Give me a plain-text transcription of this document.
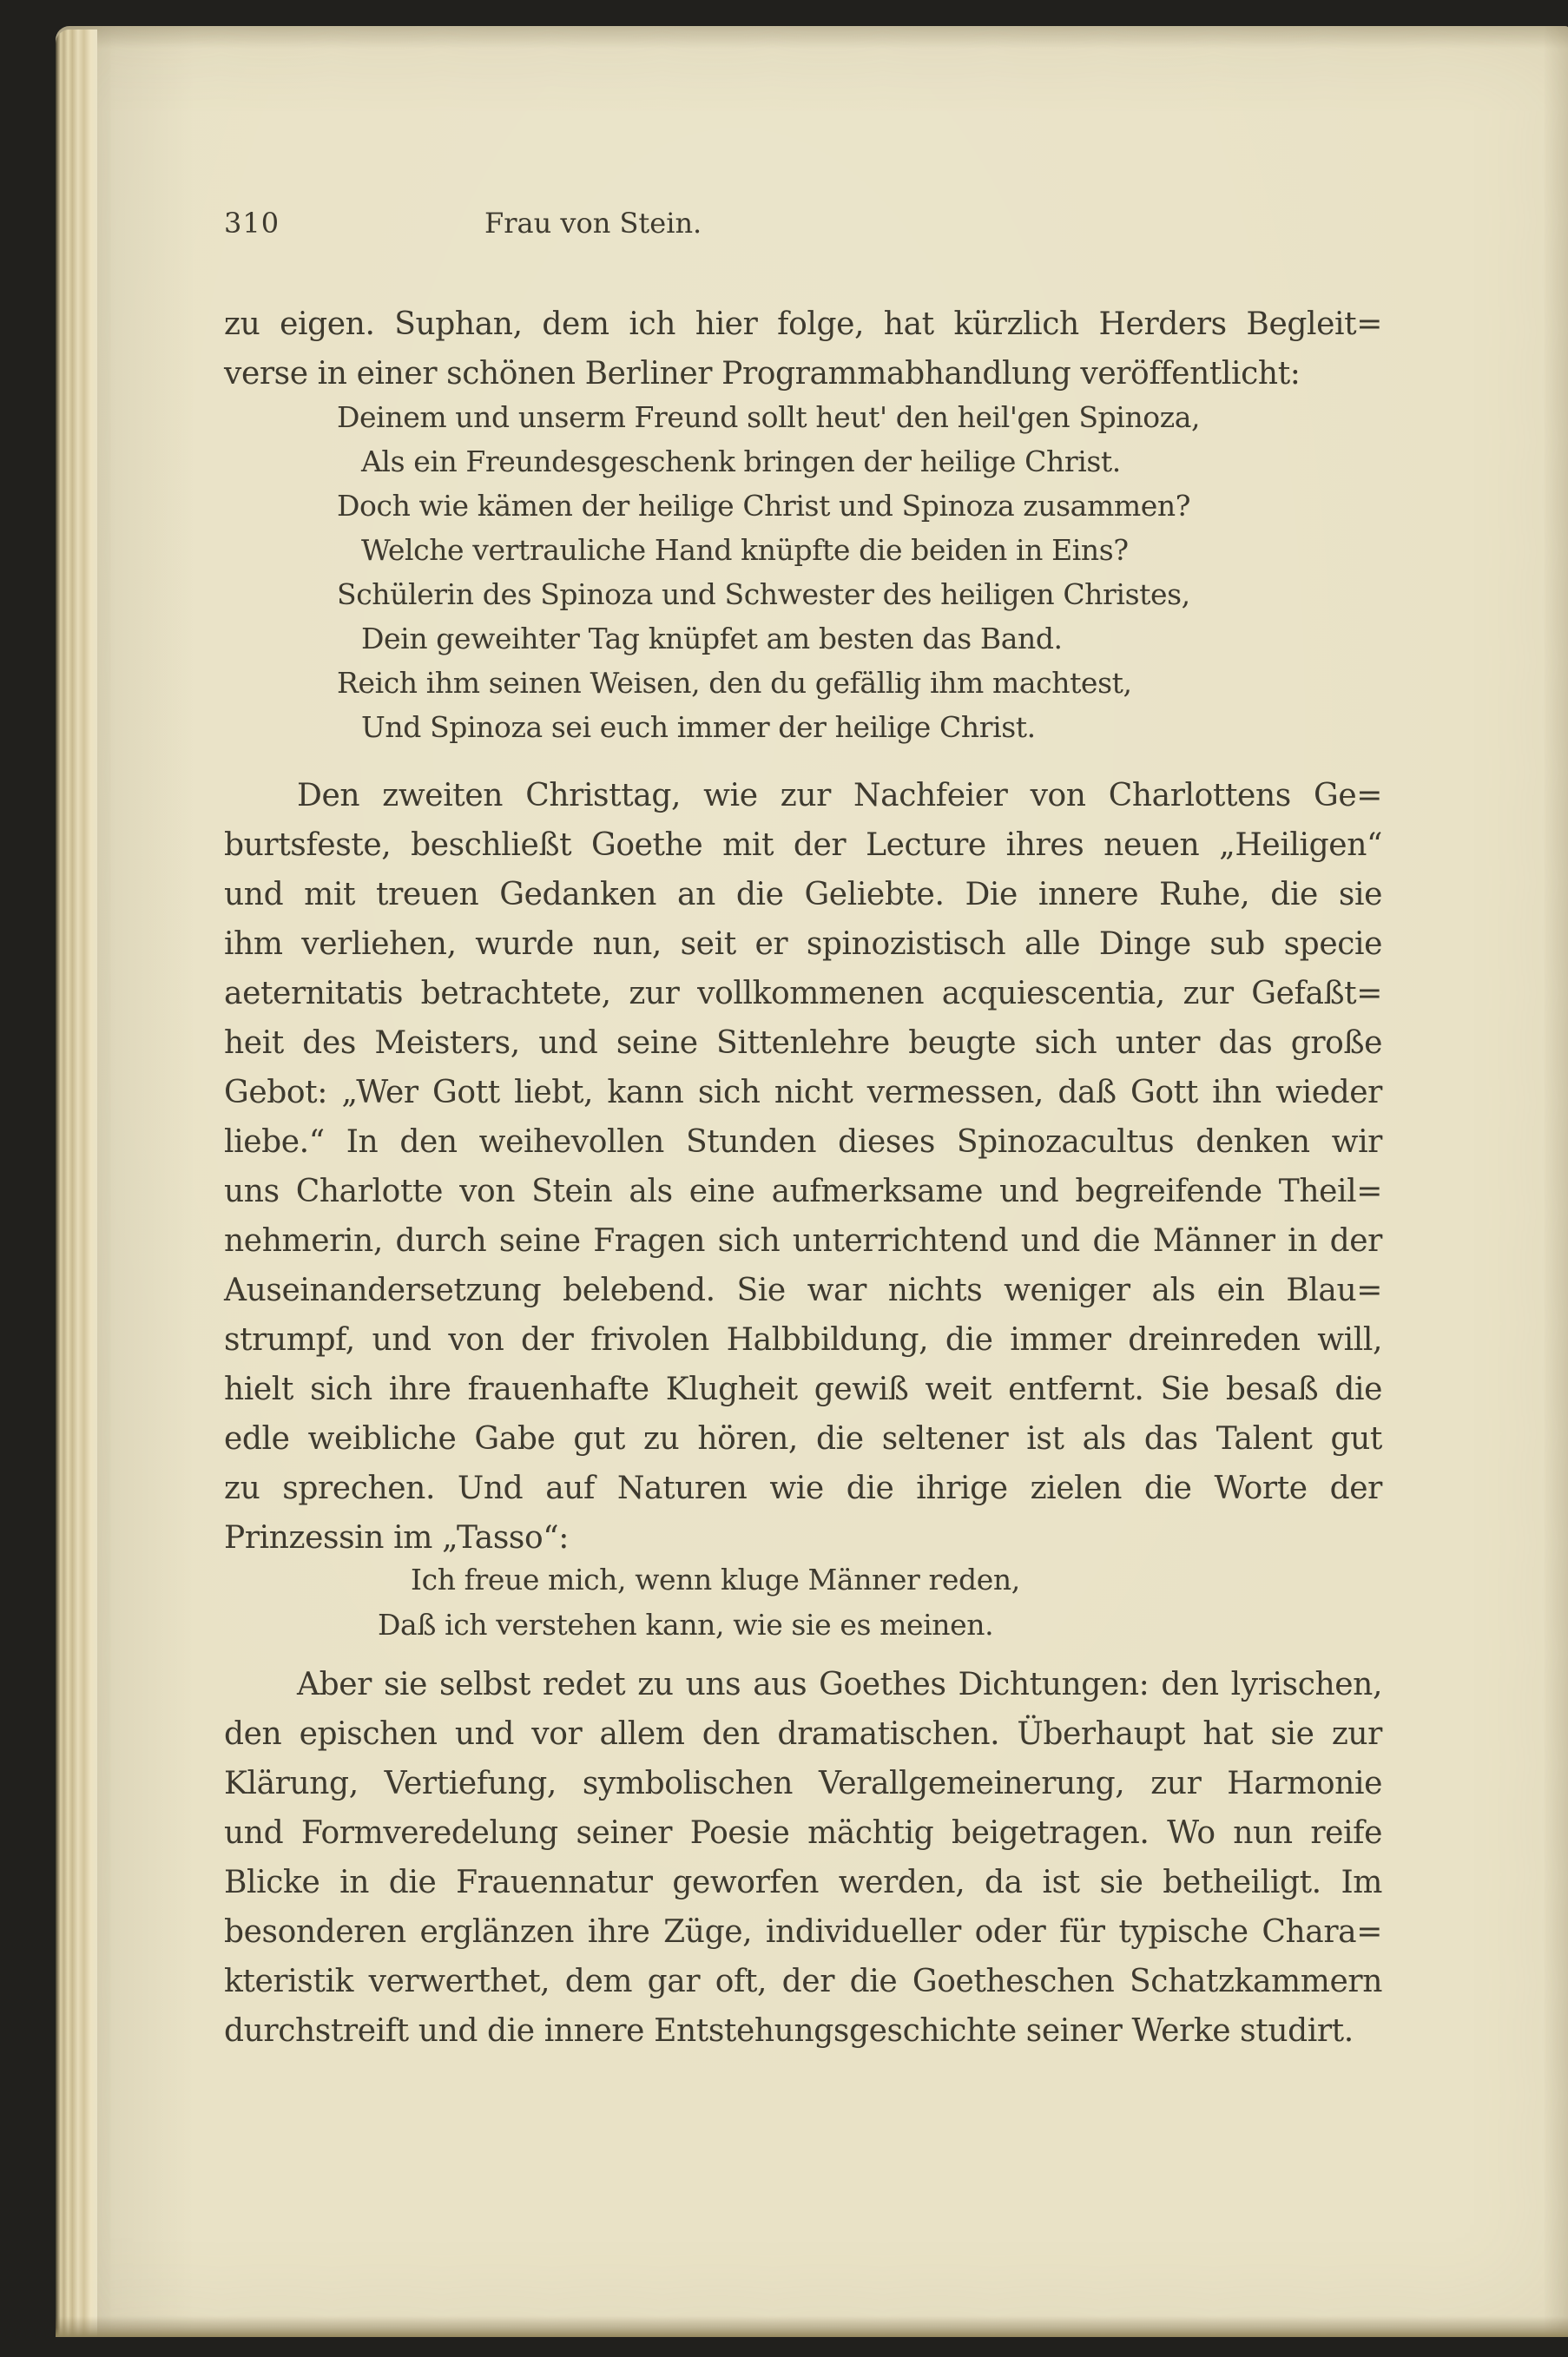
310	Frau von Stein.
zu eigen. Suphan, dem ich hier folge, hat kürzlich Herders Begleit=
verse in einer schönen Berliner Programmabhandlung veröffentlicht:
Deinem und unserm Freund sollt heut' den heil'gen Spinoza,
Als ein Freundesgeschenk bringen der heilige Christ.
Doch wie kämen der heilige Christ und Spinoza zusammen?
Welche vertrauliche Hand knüpfte die beiden in Eins?
Schülerin des Spinoza und Schwester des heiligen Christes,
Dein geweihter Tag knüpfet am besten das Band.
Reich ihm seinen Weisen, den du gefällig ihm machtest,
Und Spinoza sei euch immer der heilige Christ.
Den zweiten Christtag, wie zur Nachfeier von Charlottens Ge=
burtsfeste, beschließt Goethe mit der Lecture ihres neuen „Heiligen“
und mit treuen Gedanken an die Geliebte. Die innere Ruhe, die sie
ihm verliehen, wurde nun, seit er spinozistisch alle Dinge sub specie
aeternitatis betrachtete, zur vollkommenen acquiescentia, zur Gefaßt=
heit des Meisters, und seine Sittenlehre beugte sich unter das große
Gebot: „Wer Gott liebt, kann sich nicht vermessen, daß Gott ihn wieder
liebe.“ In den weihevollen Stunden dieses Spinozacultus denken wir
uns Charlotte von Stein als eine aufmerksame und begreifende Theil=
nehmerin, durch seine Fragen sich unterrichtend und die Männer in der
Auseinandersetzung belebend. Sie war nichts weniger als ein Blau=
strumpf, und von der frivolen Halbbildung, die immer dreinreden will,
hielt sich ihre frauenhafte Klugheit gewiß weit entfernt. Sie besaß die
edle weibliche Gabe gut zu hören, die seltener ist als das Talent gut
zu sprechen. Und auf Naturen wie die ihrige zielen die Worte der
Prinzessin im „Tasso“:
Ich freue mich, wenn kluge Männer reden,
Daß ich verstehen kann, wie sie es meinen.
Aber sie selbst redet zu uns aus Goethes Dichtungen: den lyrischen,
den epischen und vor allem den dramatischen. Überhaupt hat sie zur
Klärung, Vertiefung, symbolischen Verallgemeinerung, zur Harmonie
und Formveredelung seiner Poesie mächtig beigetragen. Wo nun reife
Blicke in die Frauennatur geworfen werden, da ist sie betheiligt. Im
besonderen erglänzen ihre Züge, individueller oder für typische Chara=
kteristik verwerthet, dem gar oft, der die Goetheschen Schatzkammern
durchstreift und die innere Entstehungsgeschichte seiner Werke studirt.
